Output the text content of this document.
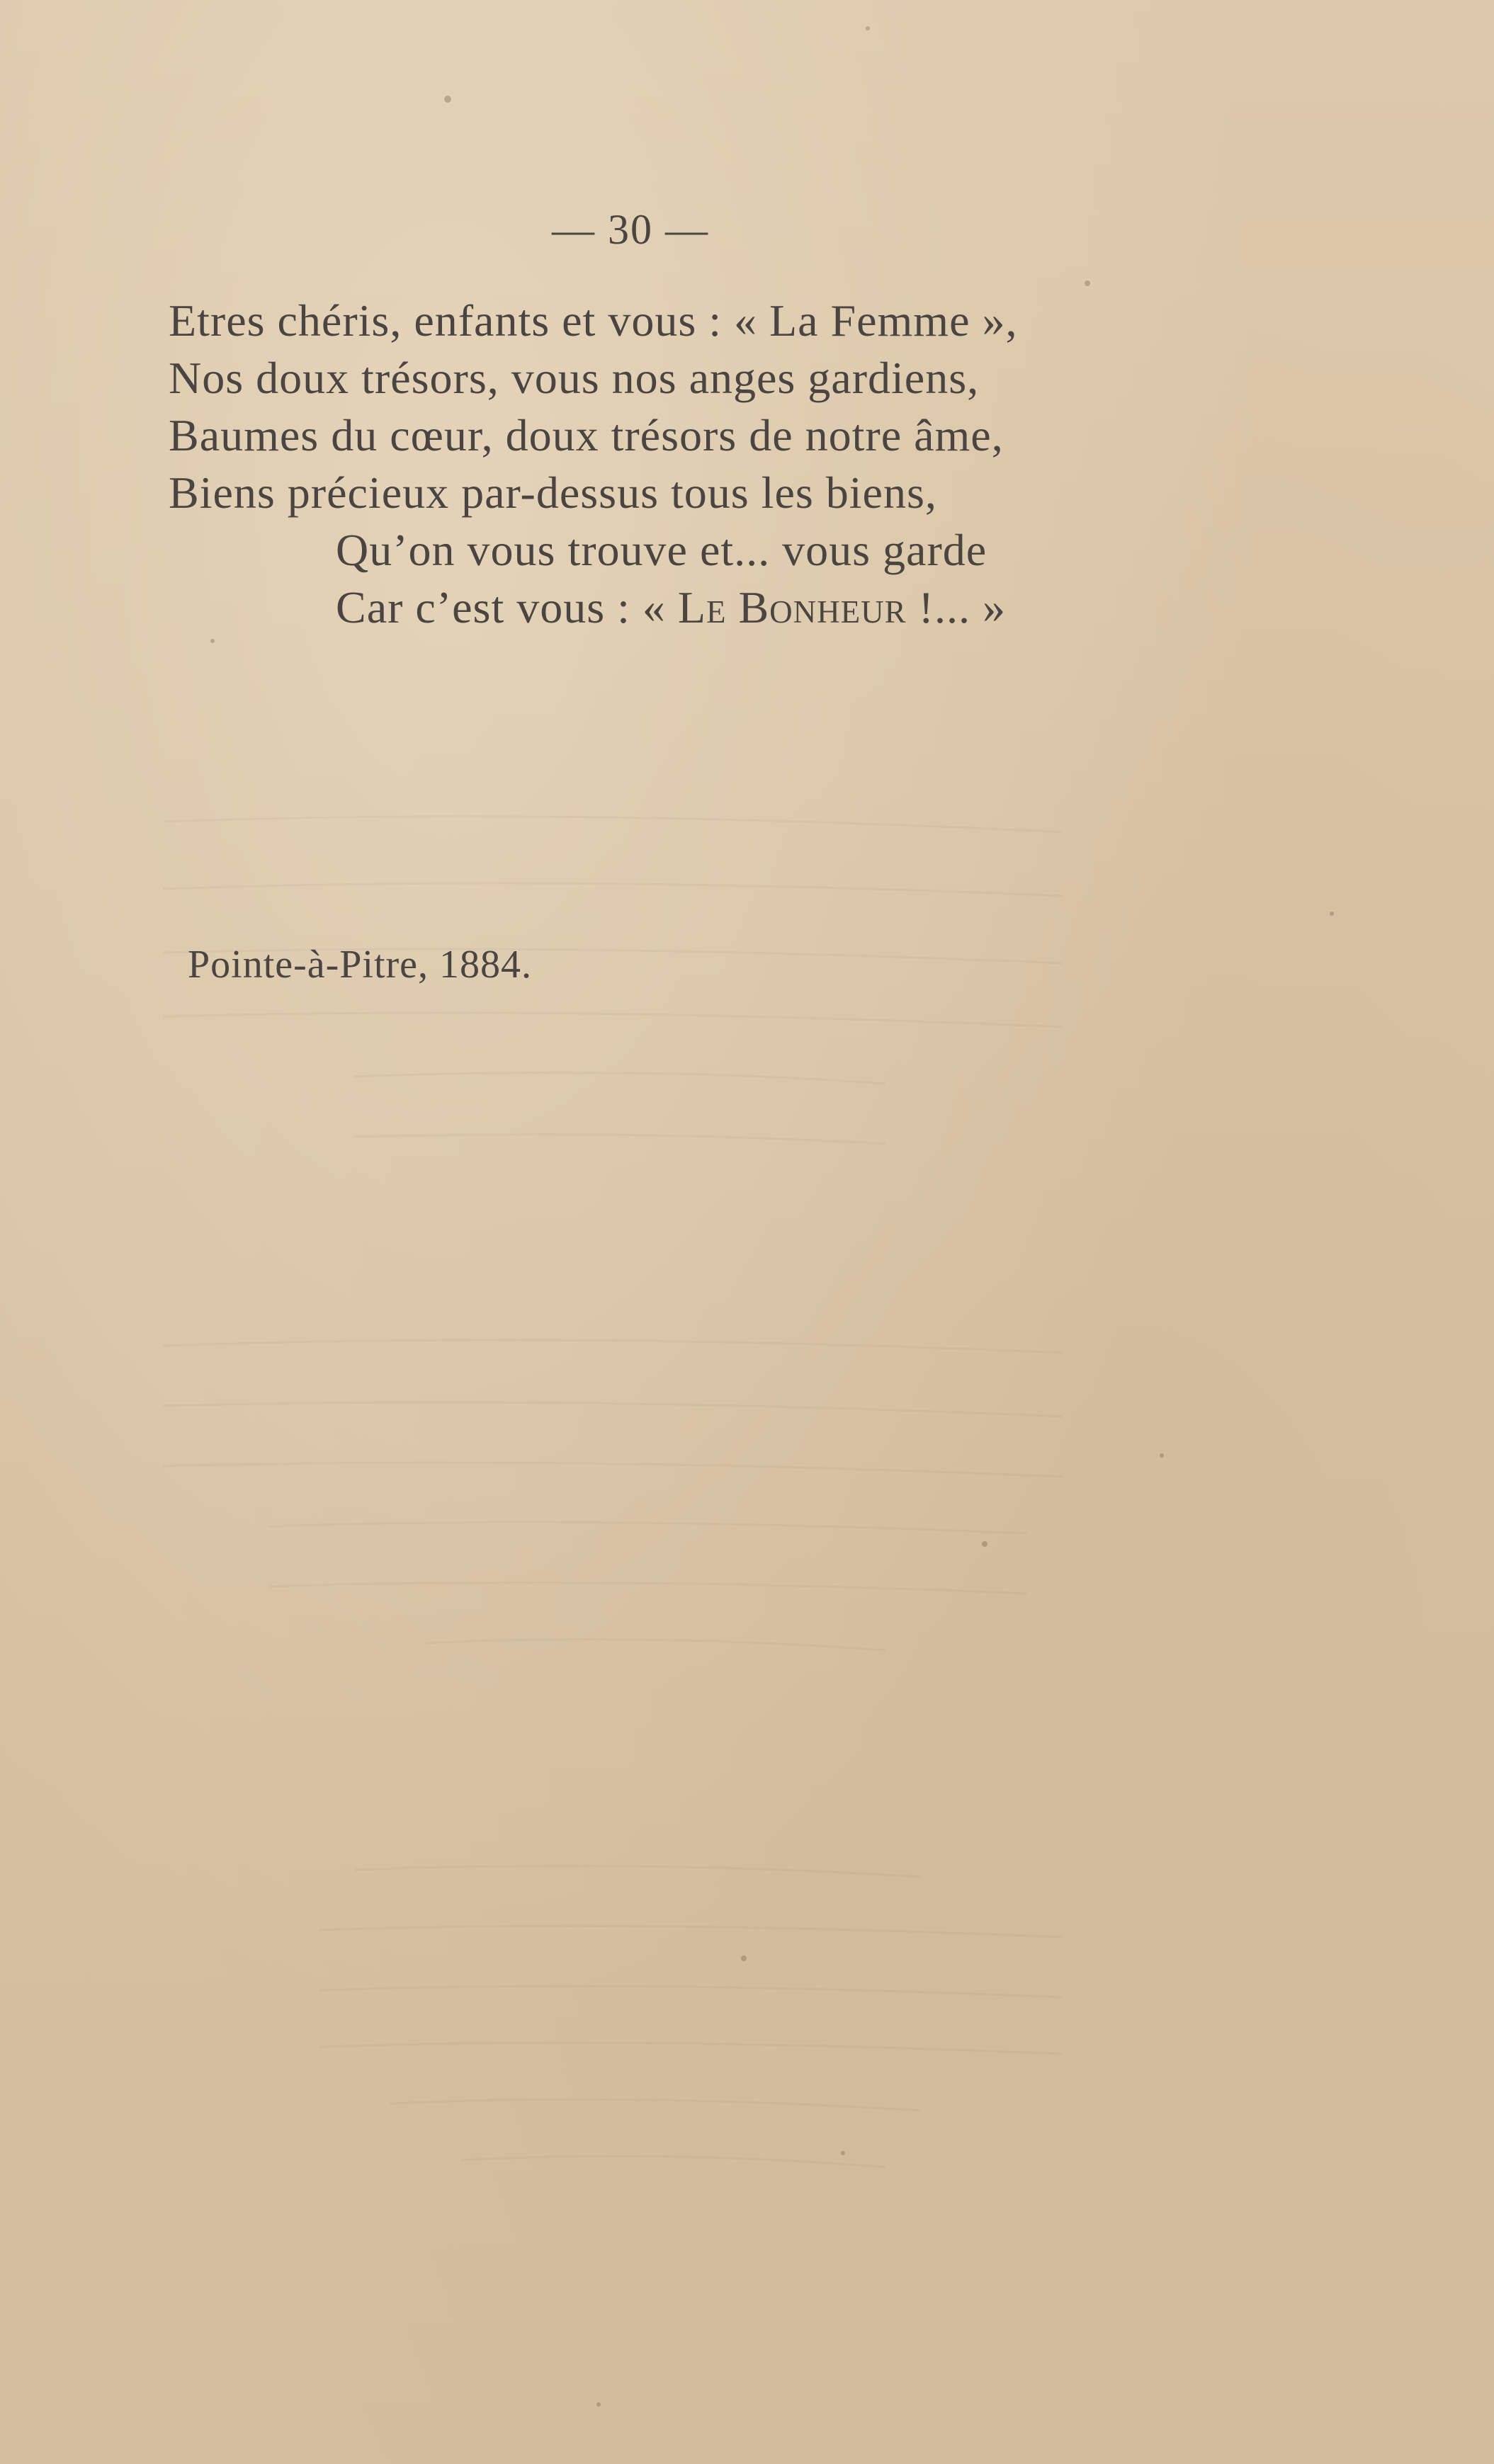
— 30 —
Etres chéris, enfants et vous : « La Femme »,
Nos doux trésors, vous nos anges gardiens,
Baumes du cœur, doux trésors de notre âme,
Biens précieux par-dessus tous les biens,
Qu’on vous trouve et... vous garde
Car c’est vous : « Le Bonheur !... »
Pointe-à-Pitre, 1884.
